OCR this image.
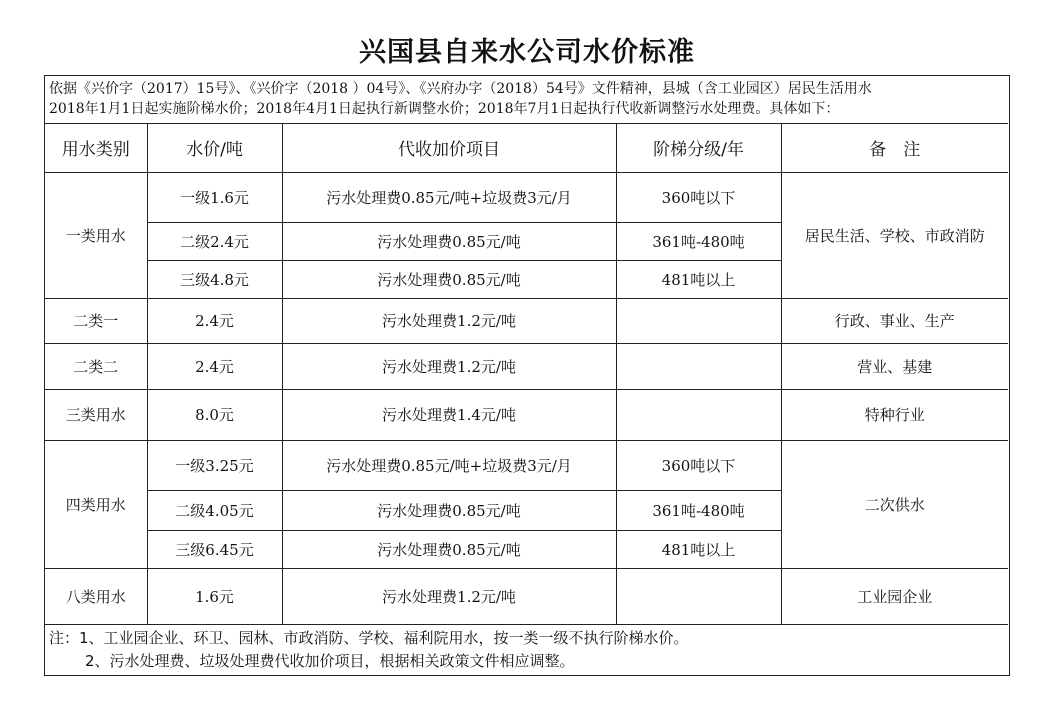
兴国县自来水公司水价标准
依据《兴价字（2017）15号》、《兴价字（2018 ）04号》、《兴府办字（2018）54号》文件精神，县城（含工业园区）居民生活用水
2018年1月1日起实施阶梯水价；2018年4月1日起执行新调整水价；2018年7月1日起执行代收新调整污水处理费。具体如下：
用水类别	水价/吨	代收加价项目	阶梯分级/年	备　注
一类用水	一级1.6元	污水处理费0.85元/吨+垃圾费3元/月	360吨以下	居民生活、学校、市政消防
	二级2.4元	污水处理费0.85元/吨	361吨-480吨	
	三级4.8元	污水处理费0.85元/吨	481吨以上	
二类一	2.4元	污水处理费1.2元/吨		行政、事业、生产
二类二	2.4元	污水处理费1.2元/吨		营业、基建
三类用水	8.0元	污水处理费1.4元/吨		特种行业
四类用水	一级3.25元	污水处理费0.85元/吨+垃圾费3元/月	360吨以下	二次供水
	二级4.05元	污水处理费0.85元/吨	361吨-480吨	
	三级6.45元	污水处理费0.85元/吨	481吨以上	
八类用水	1.6元	污水处理费1.2元/吨		工业园企业
注：1、工业园企业、环卫、园林、市政消防、学校、福利院用水，按一类一级不执行阶梯水价。
2、污水处理费、垃圾处理费代收加价项目，根据相关政策文件相应调整。
